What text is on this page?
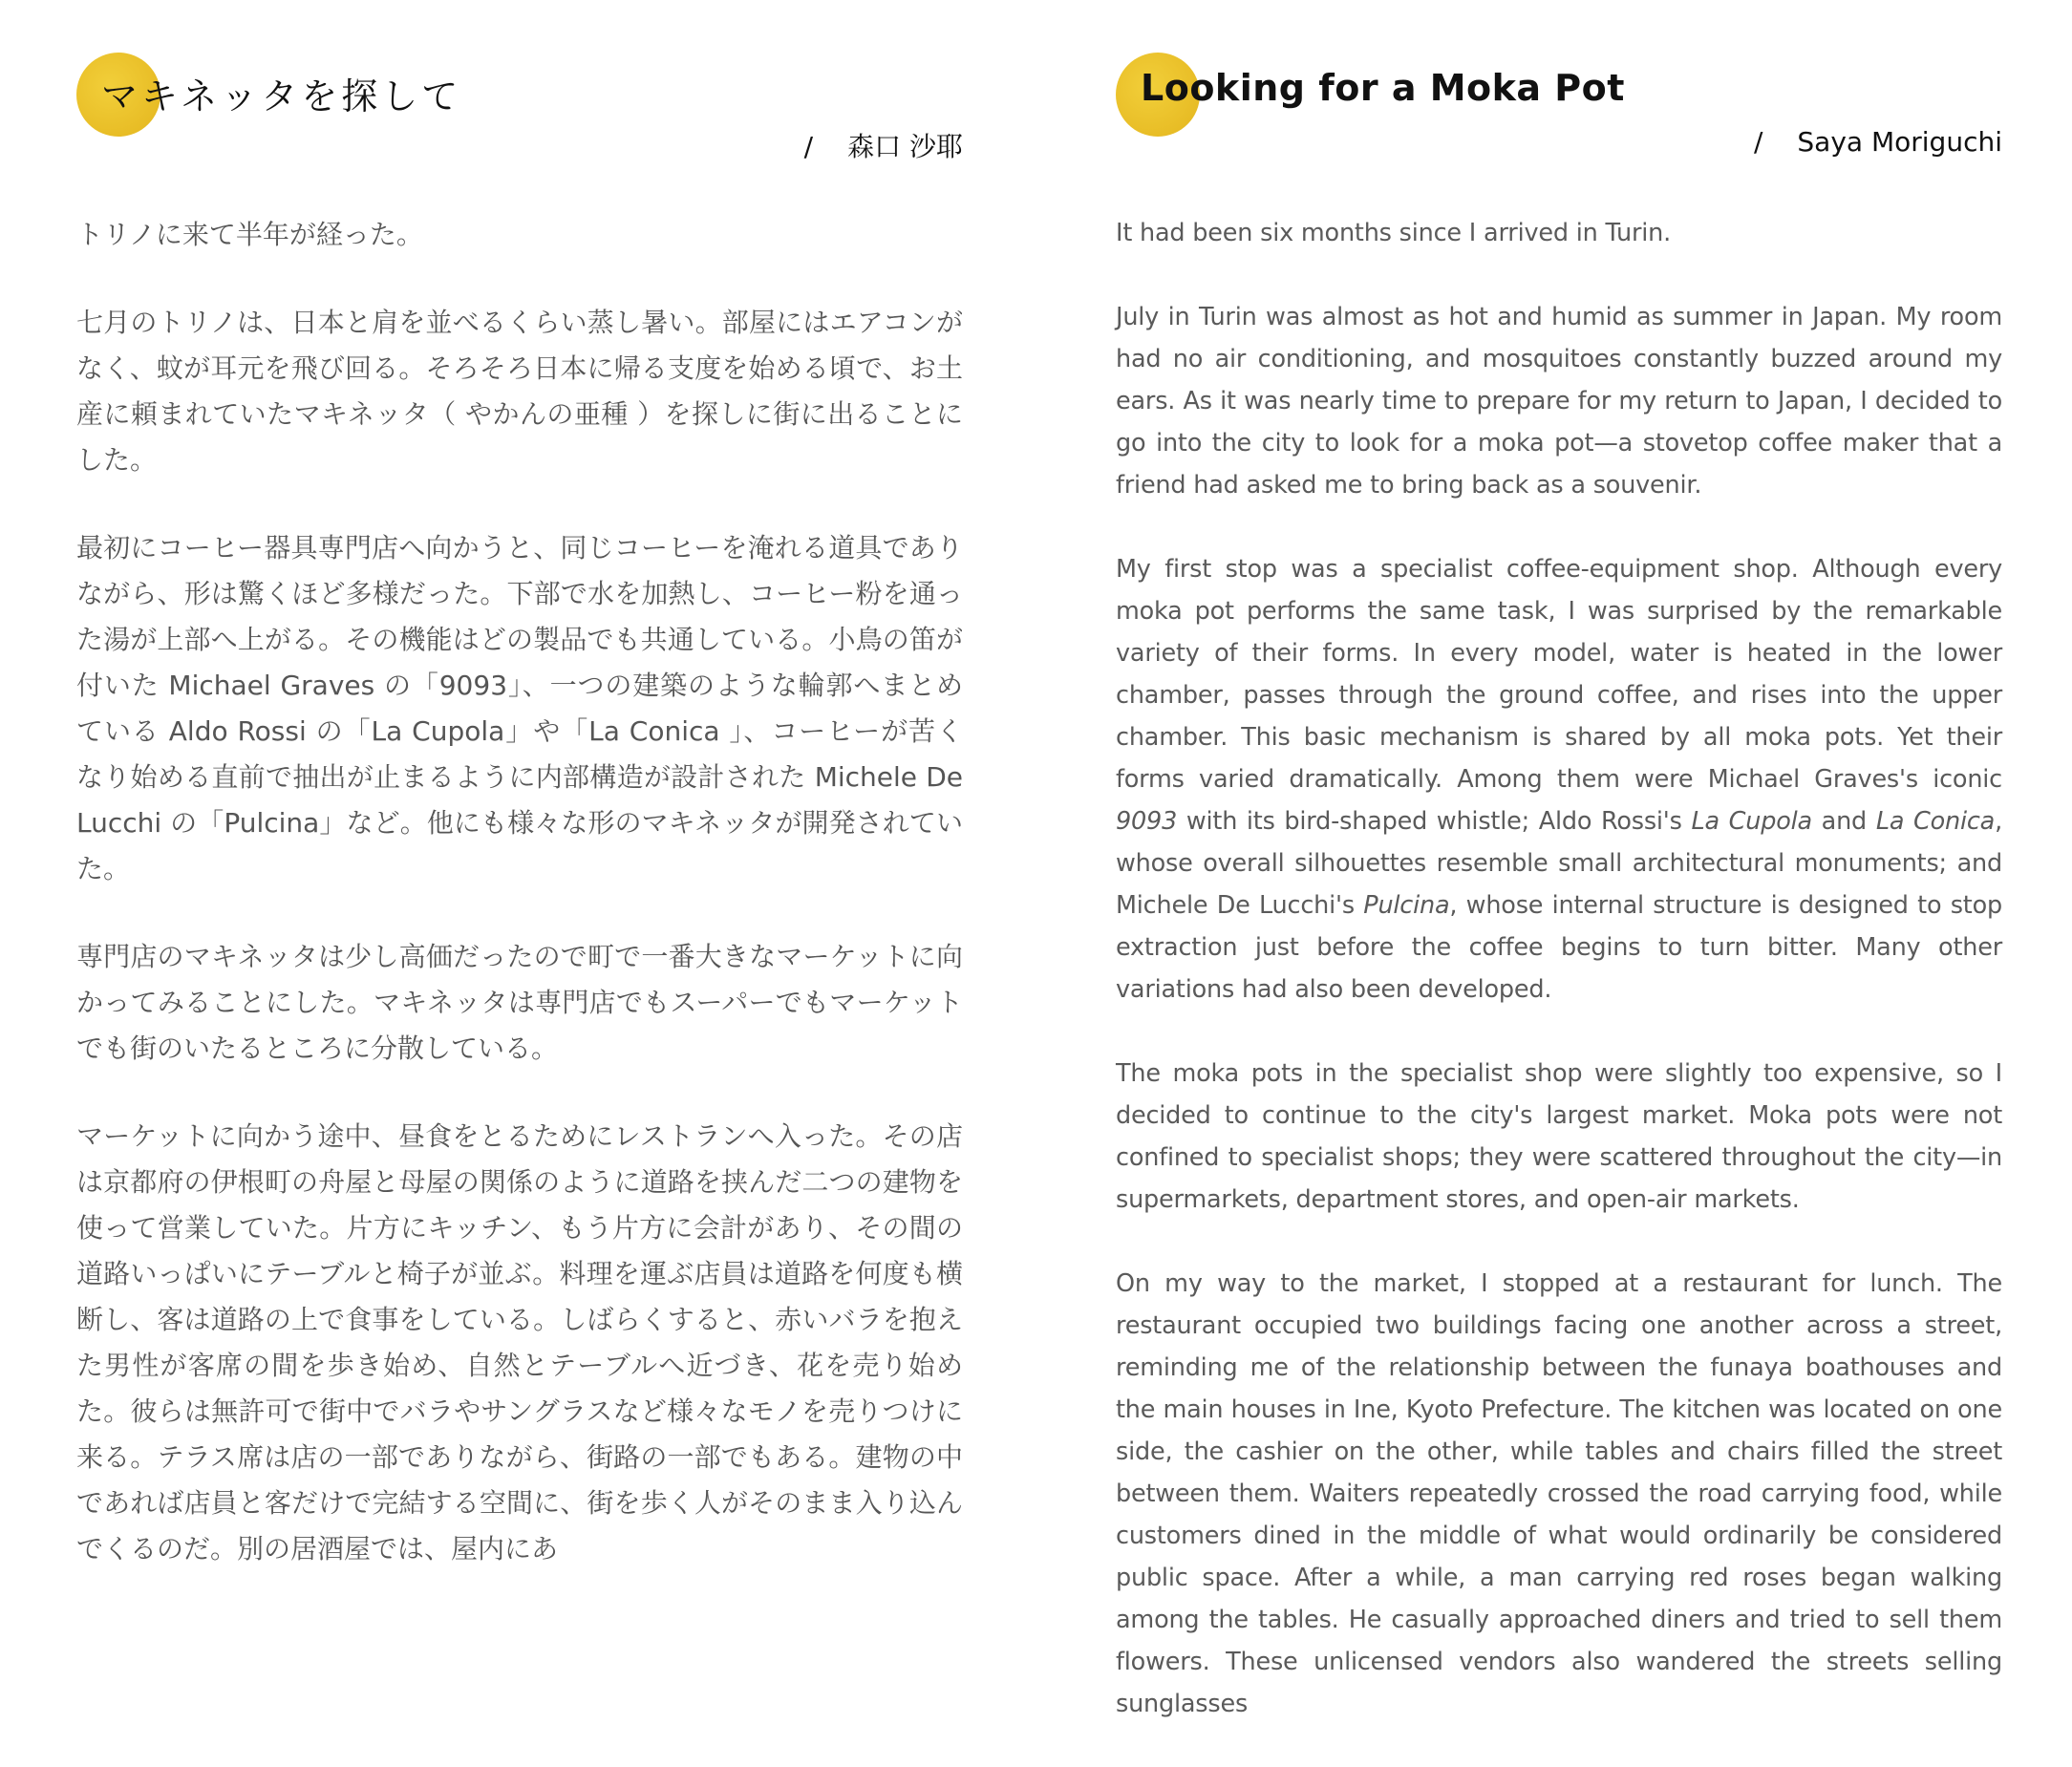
マキネッタを探して
/ 森口 沙耶

トリノに来て半年が経った。

七月のトリノは、日本と肩を並べるくらい蒸し暑い。部屋にはエアコンがなく、蚊が耳元を飛び回る。そろそろ日本に帰る支度を始める頃で、お土産に頼まれていたマキネッタ（ やかんの亜種 ）を探しに街に出ることにした。

最初にコーヒー器具専門店へ向かうと、同じコーヒーを淹れる道具でありながら、形は驚くほど多様だった。下部で水を加熱し、コーヒー粉を通った湯が上部へ上がる。その機能はどの製品でも共通している。小鳥の笛が付いた Michael Graves の「9093」、一つの建築のような輪郭へまとめている Aldo Rossi の「La Cupola」や「La Conica 」、コーヒーが苦くなり始める直前で抽出が止まるように内部構造が設計された Michele De Lucchi の「Pulcina」など。他にも様々な形のマキネッタが開発されていた。

専門店のマキネッタは少し高価だったので町で一番大きなマーケットに向かってみることにした。マキネッタは専門店でもスーパーでもマーケットでも街のいたるところに分散している。

マーケットに向かう途中、昼食をとるためにレストランへ入った。その店は京都府の伊根町の舟屋と母屋の関係のように道路を挟んだ二つの建物を使って営業していた。片方にキッチン、もう片方に会計があり、その間の道路いっぱいにテーブルと椅子が並ぶ。料理を運ぶ店員は道路を何度も横断し、客は道路の上で食事をしている。しばらくすると、赤いバラを抱えた男性が客席の間を歩き始め、自然とテーブルへ近づき、花を売り始めた。彼らは無許可で街中でバラやサングラスなど様々なモノを売りつけに来る。テラス席は店の一部でありながら、街路の一部でもある。建物の中であれば店員と客だけで完結する空間に、街を歩く人がそのまま入り込んでくるのだ。別の居酒屋では、屋内にあ

Looking for a Moka Pot
/ Saya Moriguchi

It had been six months since I arrived in Turin.

July in Turin was almost as hot and humid as summer in Japan. My room had no air conditioning, and mosquitoes constantly buzzed around my ears. As it was nearly time to prepare for my return to Japan, I decided to go into the city to look for a moka pot—a stovetop coffee maker that a friend had asked me to bring back as a souvenir.

My first stop was a specialist coffee-equipment shop. Although every moka pot performs the same task, I was surprised by the remarkable variety of their forms. In every model, water is heated in the lower chamber, passes through the ground coffee, and rises into the upper chamber. This basic mechanism is shared by all moka pots. Yet their forms varied dramatically. Among them were Michael Graves's iconic 9093 with its bird-shaped whistle; Aldo Rossi's La Cupola and La Conica, whose overall silhouettes resemble small architectural monuments; and Michele De Lucchi's Pulcina, whose internal structure is designed to stop extraction just before the coffee begins to turn bitter. Many other variations had also been developed.

The moka pots in the specialist shop were slightly too expensive, so I decided to continue to the city's largest market. Moka pots were not confined to specialist shops; they were scattered throughout the city—in supermarkets, department stores, and open-air markets.

On my way to the market, I stopped at a restaurant for lunch. The restaurant occupied two buildings facing one another across a street, reminding me of the relationship between the funaya boathouses and the main houses in Ine, Kyoto Prefecture. The kitchen was located on one side, the cashier on the other, while tables and chairs filled the street between them. Waiters repeatedly crossed the road carrying food, while customers dined in the middle of what would ordinarily be considered public space. After a while, a man carrying red roses began walking among the tables. He casually approached diners and tried to sell them flowers. These unlicensed vendors also wandered the streets selling sunglasses
